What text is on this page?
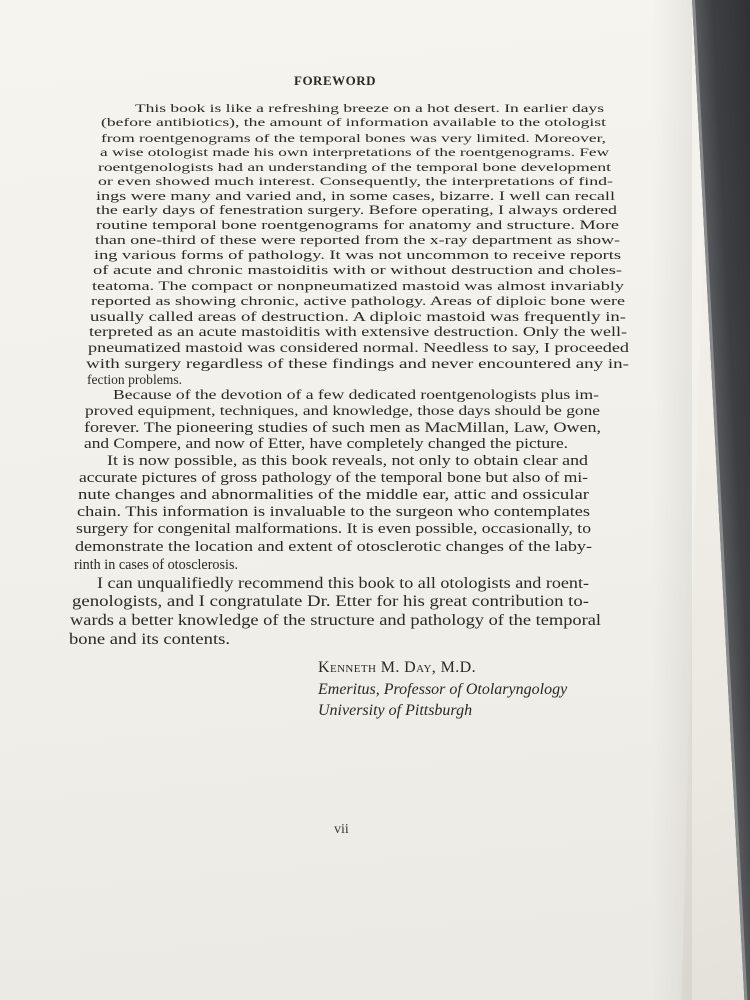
FOREWORD
This book is like a refreshing breeze on a hot desert. In earlier days
(before antibiotics), the amount of information available to the otologist
from roentgenograms of the temporal bones was very limited. Moreover,
a wise otologist made his own interpretations of the roentgenograms. Few
roentgenologists had an understanding of the temporal bone development
or even showed much interest. Consequently, the interpretations of find-
ings were many and varied and, in some cases, bizarre. I well can recall
the early days of fenestration surgery. Before operating, I always ordered
routine temporal bone roentgenograms for anatomy and structure. More
than one-third of these were reported from the x-ray department as show-
ing various forms of pathology. It was not uncommon to receive reports
of acute and chronic mastoiditis with or without destruction and choles-
teatoma. The compact or nonpneumatized mastoid was almost invariably
reported as showing chronic, active pathology. Areas of diploic bone were
usually called areas of destruction. A diploic mastoid was frequently in-
terpreted as an acute mastoiditis with extensive destruction. Only the well-
pneumatized mastoid was considered normal. Needless to say, I proceeded
with surgery regardless of these findings and never encountered any in-
fection problems.
Because of the devotion of a few dedicated roentgenologists plus im-
proved equipment, techniques, and knowledge, those days should be gone
forever. The pioneering studies of such men as MacMillan, Law, Owen,
and Compere, and now of Etter, have completely changed the picture.
It is now possible, as this book reveals, not only to obtain clear and
accurate pictures of gross pathology of the temporal bone but also of mi-
nute changes and abnormalities of the middle ear, attic and ossicular
chain. This information is invaluable to the surgeon who contemplates
surgery for congenital malformations. It is even possible, occasionally, to
demonstrate the location and extent of otosclerotic changes of the laby-
rinth in cases of otosclerosis.
I can unqualifiedly recommend this book to all otologists and roent-
genologists, and I congratulate Dr. Etter for his great contribution to-
wards a better knowledge of the structure and pathology of the temporal
bone and its contents.
Kenneth M. Day, M.D.
Emeritus, Professor of Otolaryngology
University of Pittsburgh
vii
